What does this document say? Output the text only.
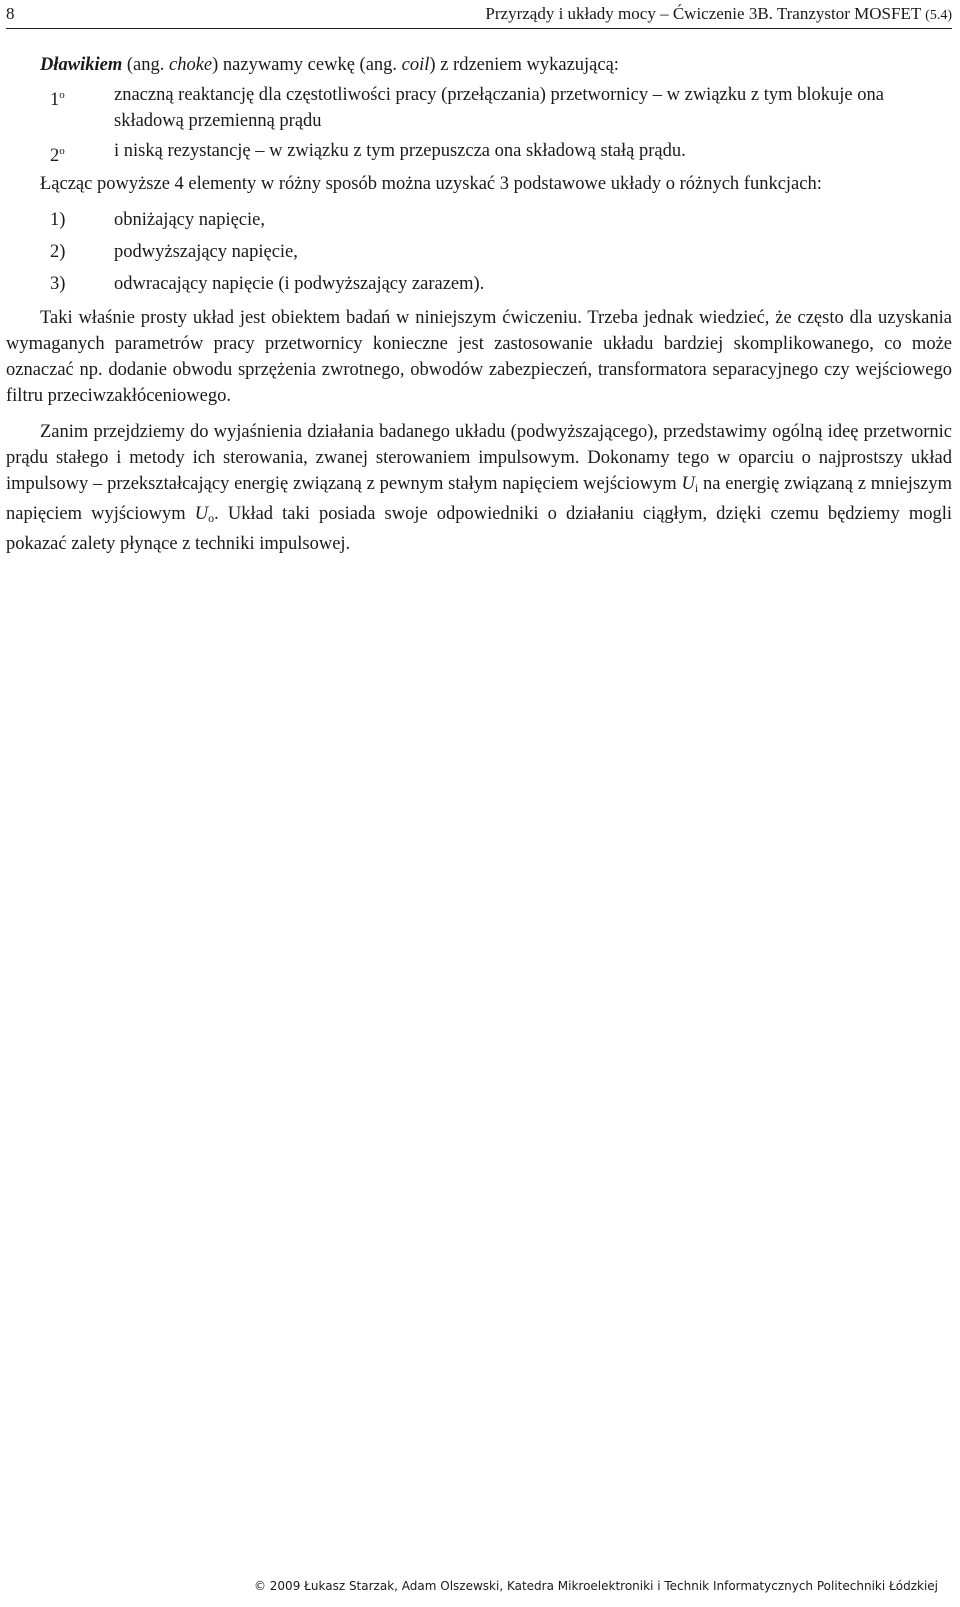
8	Przyrządy i układy mocy – Ćwiczenie 3B. Tranzystor MOSFET (5.4)

Dławikiem (ang. choke) nazywamy cewkę (ang. coil) z rdzeniem wykazującą:

1$^o$	znaczną reaktancję dla częstotliwości pracy (przełączania) przetwornicy – w związku z tym blokuje ona składową przemienną prądu
2$^o$	i niską rezystancję – w związku z tym przepuszcza ona składową stałą prądu.

Łącząc powyższe 4 elementy w różny sposób można uzyskać 3 podstawowe układy o różnych funkcjach:

1)	obniżający napięcie,
2)	podwyższający napięcie,
3)	odwracający napięcie (i podwyższający zarazem).

Taki właśnie prosty układ jest obiektem badań w niniejszym ćwiczeniu. Trzeba jednak wiedzieć, że często dla uzyskania wymaganych parametrów pracy przetwornicy konieczne jest zastosowanie układu bardziej skomplikowanego, co może oznaczać np. dodanie obwodu sprzężenia zwrotnego, obwodów zabezpieczeń, transformatora separacyjnego czy wejściowego filtru przeciwzakłóceniowego.

Zanim przejdziemy do wyjaśnienia działania badanego układu (podwyższającego), przedstawimy ogólną ideę przetwornic prądu stałego i metody ich sterowania, zwanej sterowaniem impulsowym. Dokonamy tego w oparciu o najprostszy układ impulsowy – przekształcający energię związaną z pewnym stałym napięciem wejściowym $U_i$ na energię związaną z mniejszym napięciem wyjściowym $U_o$. Układ taki posiada swoje odpowiedniki o działaniu ciągłym, dzięki czemu będziemy mogli pokazać zalety płynące z techniki impulsowej.

© 2009 Łukasz Starzak, Adam Olszewski, Katedra Mikroelektroniki i Technik Informatycznych Politechniki Łódzkiej
